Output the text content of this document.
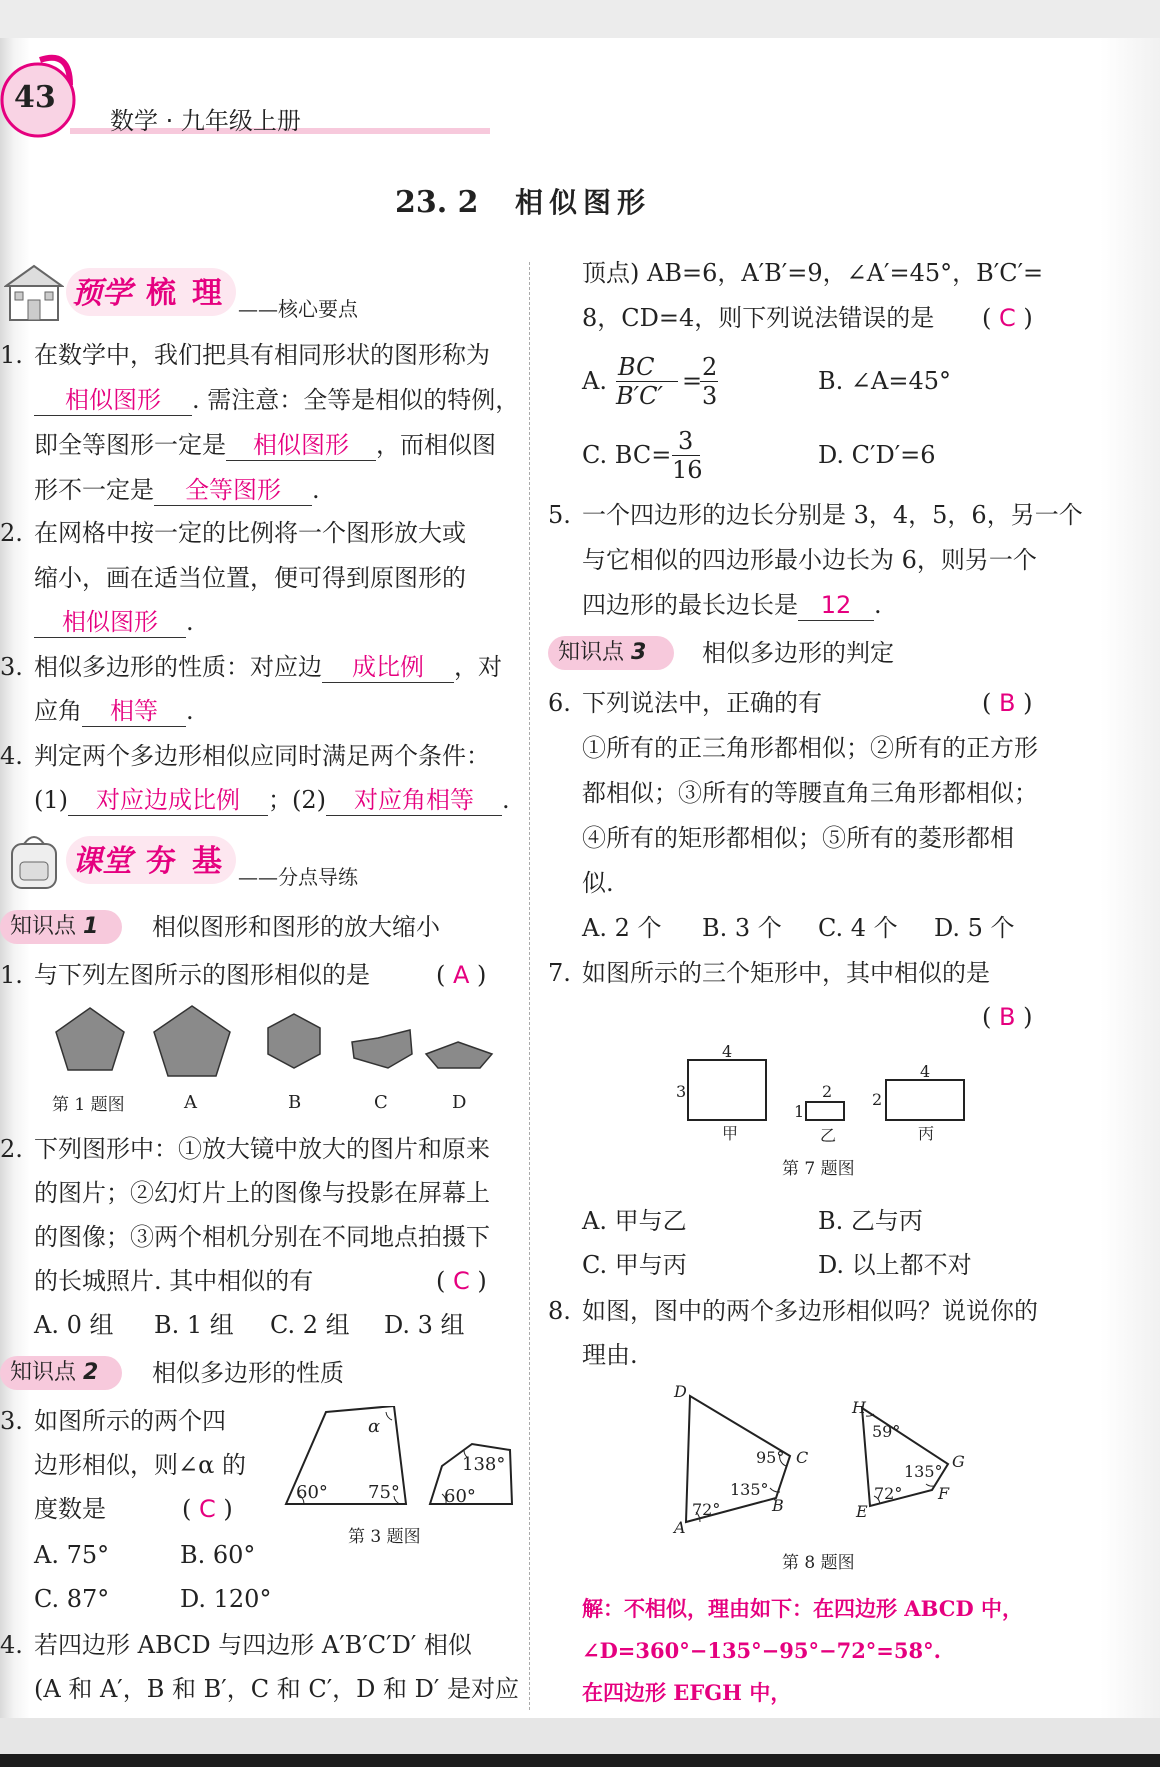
43
数学 · 九年级上册
23. 2 相似图形
预学 梳 理 ——核心要点
1. 在数学中，我们把具有相同形状的图形称为
相似图形 . 需注意：全等是相似的特例，
即全等图形一定是 相似图形 ，而相似图
形不一定是 全等图形 .
2. 在网格中按一定的比例将一个图形放大或
缩小，画在适当位置，便可得到原图形的
相似图形 .
3. 相似多边形的性质：对应边 成比例 ，对
应角 相等 .
4. 判定两个多边形相似应同时满足两个条件：
(1) 对应边成比例 ；(2) 对应角相等 .
课堂 夯 基 ——分点导练
知识点 1 相似图形和图形的放大缩小
1. 与下列左图所示的图形相似的是	( A )
第 1 题图	A	B	C	D
2. 下列图形中：①放大镜中放大的图片和原来
的图片；②幻灯片上的图像与投影在屏幕上
的图像；③两个相机分别在不同地点拍摄下
的长城照片. 其中相似的有	( C )
A. 0 组 B. 1 组 C. 2 组 D. 3 组
知识点 2 相似多边形的性质
3. 如图所示的两个四
边形相似，则∠α 的
度数是	( C )
A. 75°	B. 60°
C. 87°	D. 120°
α
60° 75°
138°
60°
第 3 题图
4. 若四边形 ABCD 与四边形 A′B′C′D′ 相似
(A 和 A′，B 和 B′，C 和 C′，D 和 D′ 是对应
顶点) AB=6，A′B′=9，∠A′=45°，B′C′=
8，CD=4，则下列说法错误的是 ( C )
A. BC
B′C′
= 2
3
B. ∠A=45°
C. BC= 3
16
D. C′D′=6
5. 一个四边形的边长分别是 3，4，5，6，另一个
与它相似的四边形最小边长为 6，则另一个
四边形的最长边长是 12 .
知识点 3 相似多边形的判定
6. 下列说法中，正确的有	( B )
①所有的正三角形都相似；②所有的正方形
都相似；③所有的等腰直角三角形都相似；
④所有的矩形都相似；⑤所有的菱形都相
似.
A. 2 个 B. 3 个 C. 4 个 D. 5 个
7. 如图所示的三个矩形中，其中相似的是
( B )
4
3
甲
2
1
乙
4
2
丙
第 7 题图
A. 甲与乙	B. 乙与丙
C. 甲与丙	D. 以上都不对
8. 如图，图中的两个多边形相似吗？说说你的
理由.
D
C
B
A
95°
135°
72°
H
G
F
E
59°
135°
72°
第 8 题图
解：不相似，理由如下：在四边形 ABCD 中，
∠D=360°−135°−95°−72°=58°.
在四边形 EFGH 中，
